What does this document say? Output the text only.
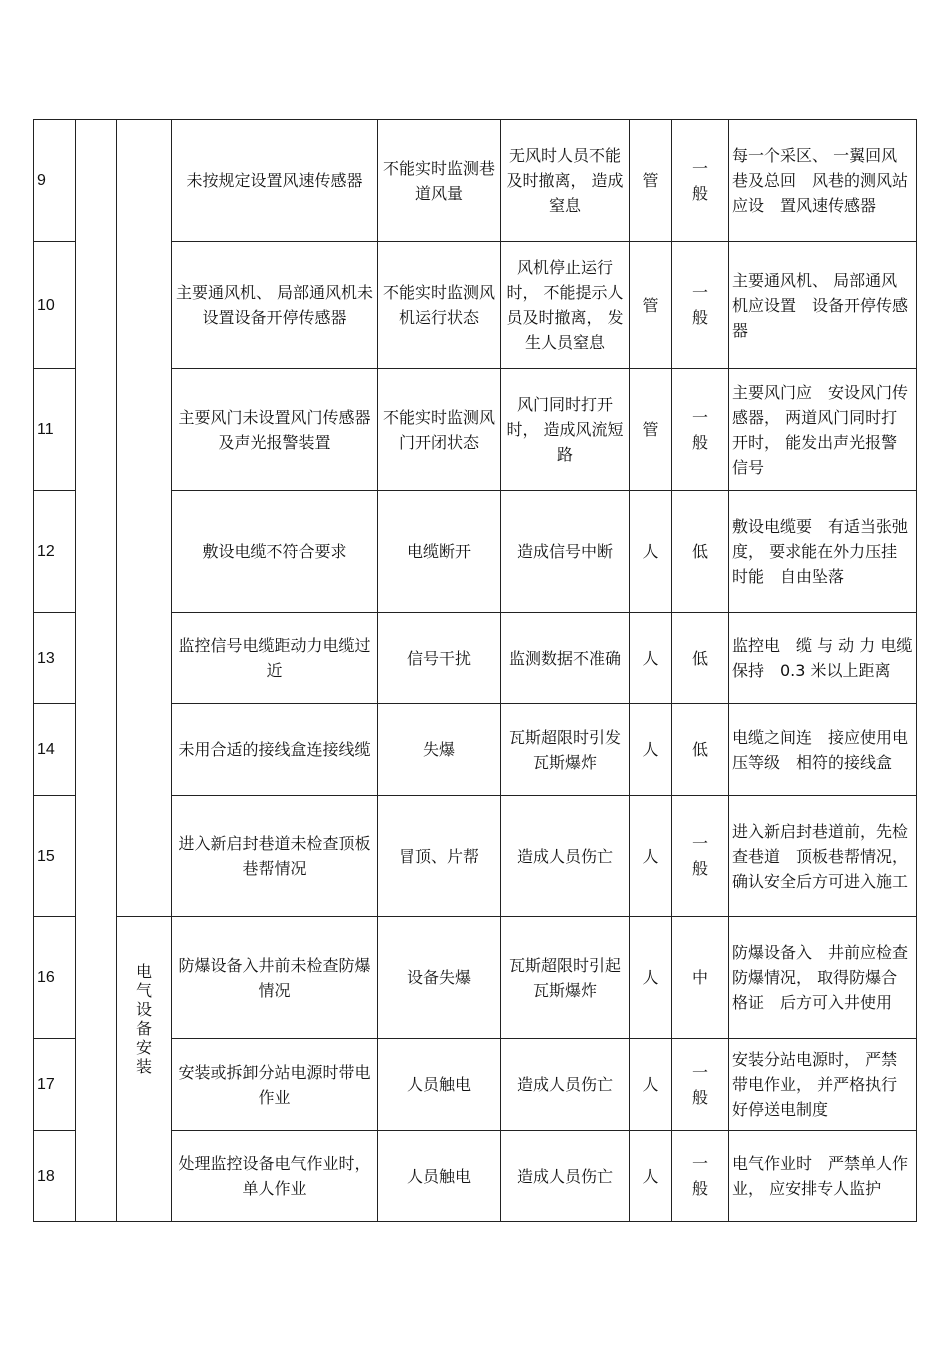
9			未按规定设置风速传感器	不能实时监测巷道风量	无风时人员不能及时撤离， 造成窒息	管	一般	每一个采区、 一翼回风巷及总回　风巷的测风站应设　置风速传感器
10			主要通风机、 局部通风机未设置设备开停传感器	不能实时监测风机运行状态	风机停止运行时， 不能提示人员及时撤离， 发生人员窒息	管	一般	主要通风机、 局部通风机应设置　设备开停传感器
11			主要风门未设置风门传感器及声光报警装置	不能实时监测风门开闭状态	风门同时打开时， 造成风流短路	管	一般	主要风门应　安设风门传感器， 两道风门同时打开时， 能发出声光报警信号
12			敷设电缆不符合要求	电缆断开	造成信号中断	人	低	敷设电缆要　有适当张弛度， 要求能在外力压挂时能　自由坠落
13			监控信号电缆距动力电缆过近	信号干扰	监测数据不准确	人	低	监控电　缆 与 动 力 电缆保持　0.3 米以上距离
14			未用合适的接线盒连接线缆	失爆	瓦斯超限时引发瓦斯爆炸	人	低	电缆之间连　接应使用电压等级　相符的接线盒
15			进入新启封巷道未检查顶板巷帮情况	冒顶、片帮	造成人员伤亡	人	一般	进入新启封巷道前，先检查巷道　顶板巷帮情况， 确认安全后方可进入施工
16		电气设备安装	防爆设备入井前未检查防爆情况	设备失爆	瓦斯超限时引起瓦斯爆炸	人	中	防爆设备入　井前应检查防爆情况， 取得防爆合格证　后方可入井使用
17			安装或拆卸分站电源时带电作业	人员触电	造成人员伤亡	人	一般	安装分站电源时， 严禁带电作业， 并严格执行好停送电制度
18			处理监控设备电气作业时，单人作业	人员触电	造成人员伤亡	人	一般	电气作业时　严禁单人作业， 应安排专人监护
